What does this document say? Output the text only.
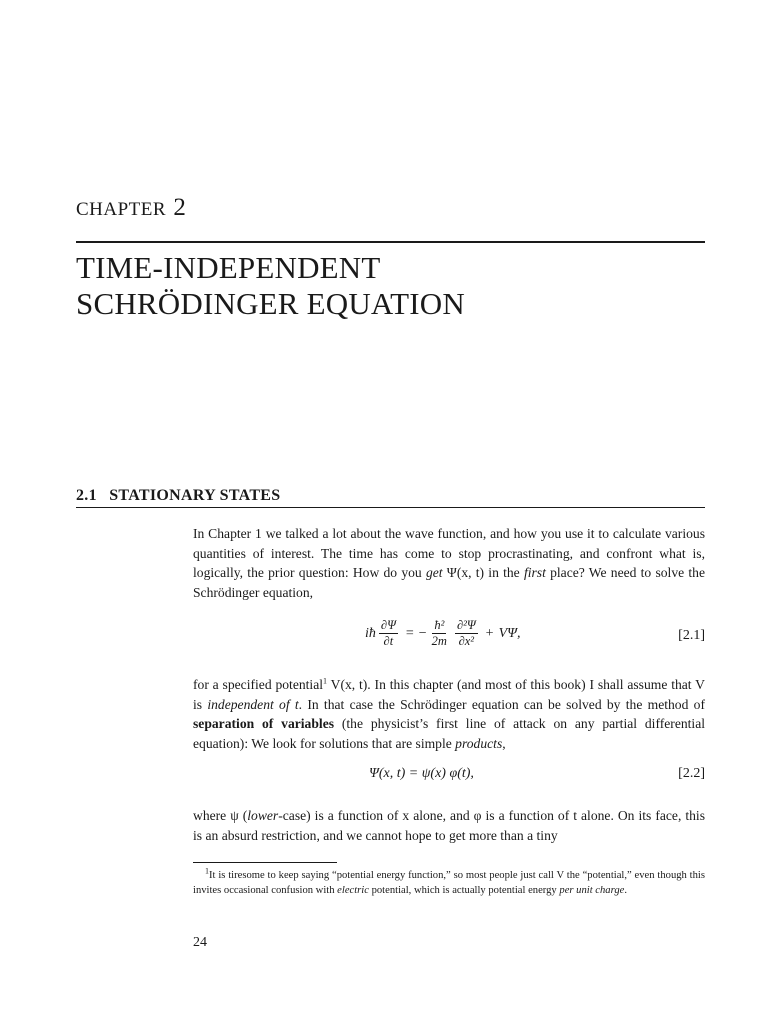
CHAPTER 2
TIME-INDEPENDENT
SCHRÖDINGER EQUATION
2.1 STATIONARY STATES

In Chapter 1 we talked a lot about the wave function, and how you use it to calculate various quantities of interest. The time has come to stop procrastinating, and confront what is, logically, the prior question: How do you get Ψ(x, t) in the first place? We need to solve the Schrödinger equation,

iħ $\frac{\partial\Psi}{\partial t}$ = − $\frac{\text{ħ²}}{2m} \frac{\text{∂²Ψ}}{\text{∂x²}} + V\Psi$,	[2.1]

for a specified potential$^1$ V(x, t). In this chapter (and most of this book) I shall assume that V is independent of t. In that case the Schrödinger equation can be solved by the method of separation of variables (the physicist’s first line of attack on any partial differential equation): We look for solutions that are simple products,

Ψ(x, t) = ψ(x) φ(t),	[2.2]

where ψ (lower-case) is a function of x alone, and φ is a function of t alone. On its face, this is an absurd restriction, and we cannot hope to get more than a tiny

$^1$It is tiresome to keep saying “potential energy function,” so most people just call V the “potential,” even though this invites occasional confusion with electric potential, which is actually potential energy per unit charge.

24
